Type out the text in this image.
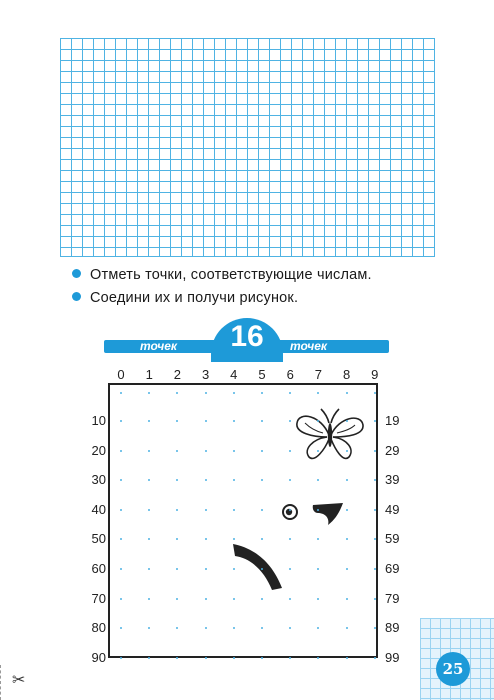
Отметь точки, соответствующие числам.
Соедини их и получи рисунок.
16
точек	точек
0	1	2	3	4	5	6	7	8	9
10
20
30
40
50
60
70
80
90
19
29
39
49
59
69
79
89
99
25
✂
